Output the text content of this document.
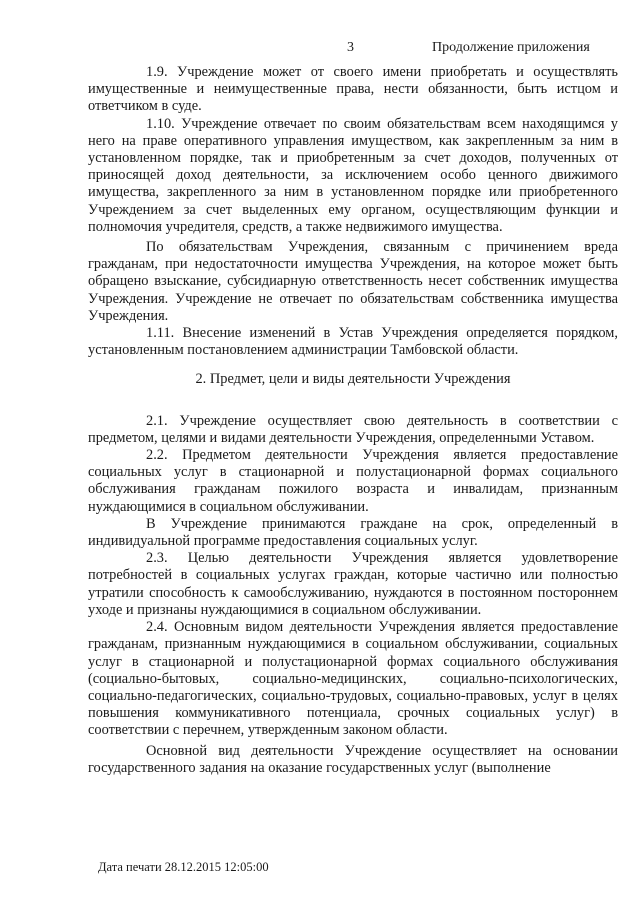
3	Продолжение приложения

1.9. Учреждение может от своего имени приобретать и осуществлять имущественные и неимущественные права, нести обязанности, быть истцом и ответчиком в суде.

1.10. Учреждение отвечает по своим обязательствам всем находящимся у него на праве оперативного управления имуществом, как закрепленным за ним в установленном порядке, так и приобретенным за счет доходов, полученных от приносящей доход деятельности, за исключением особо ценного движимого имущества, закрепленного за ним в установленном порядке или приобретенного Учреждением за счет выделенных ему органом, осуществляющим функции и полномочия учредителя, средств, а также недвижимого имущества.

По обязательствам Учреждения, связанным с причинением вреда гражданам, при недостаточности имущества Учреждения, на которое может быть обращено взыскание, субсидиарную ответственность несет собственник имущества Учреждения. Учреждение не отвечает по обязательствам собственника имущества Учреждения.

1.11. Внесение изменений в Устав Учреждения определяется порядком, установленным постановлением администрации Тамбовской области.

2. Предмет, цели и виды деятельности Учреждения

2.1. Учреждение осуществляет свою деятельность в соответствии с предметом, целями и видами деятельности Учреждения, определенными Уставом.

2.2. Предметом деятельности Учреждения является предоставление социальных услуг в стационарной и полустационарной формах социального обслуживания гражданам пожилого возраста и инвалидам, признанным нуждающимися в социальном обслуживании.

В Учреждение принимаются граждане на срок, определенный в индивидуальной программе предоставления социальных услуг.

2.3. Целью деятельности Учреждения является удовлетворение потребностей в социальных услугах граждан, которые частично или полностью утратили способность к самообслуживанию, нуждаются в постоянном постороннем уходе и признаны нуждающимися в социальном обслуживании.

2.4. Основным видом деятельности Учреждения является предоставление гражданам, признанным нуждающимися в социальном обслуживании, социальных услуг в стационарной и полустационарной формах социального обслуживания (социально-бытовых, социально-медицинских, социально-психологических, социально-педагогических, социально-трудовых, социально-правовых, услуг в целях повышения коммуникативного потенциала, срочных социальных услуг) в соответствии с перечнем, утвержденным законом области.

Основной вид деятельности Учреждение осуществляет на основании государственного задания на оказание государственных услуг (выполнение

Дата печати 28.12.2015 12:05:00
